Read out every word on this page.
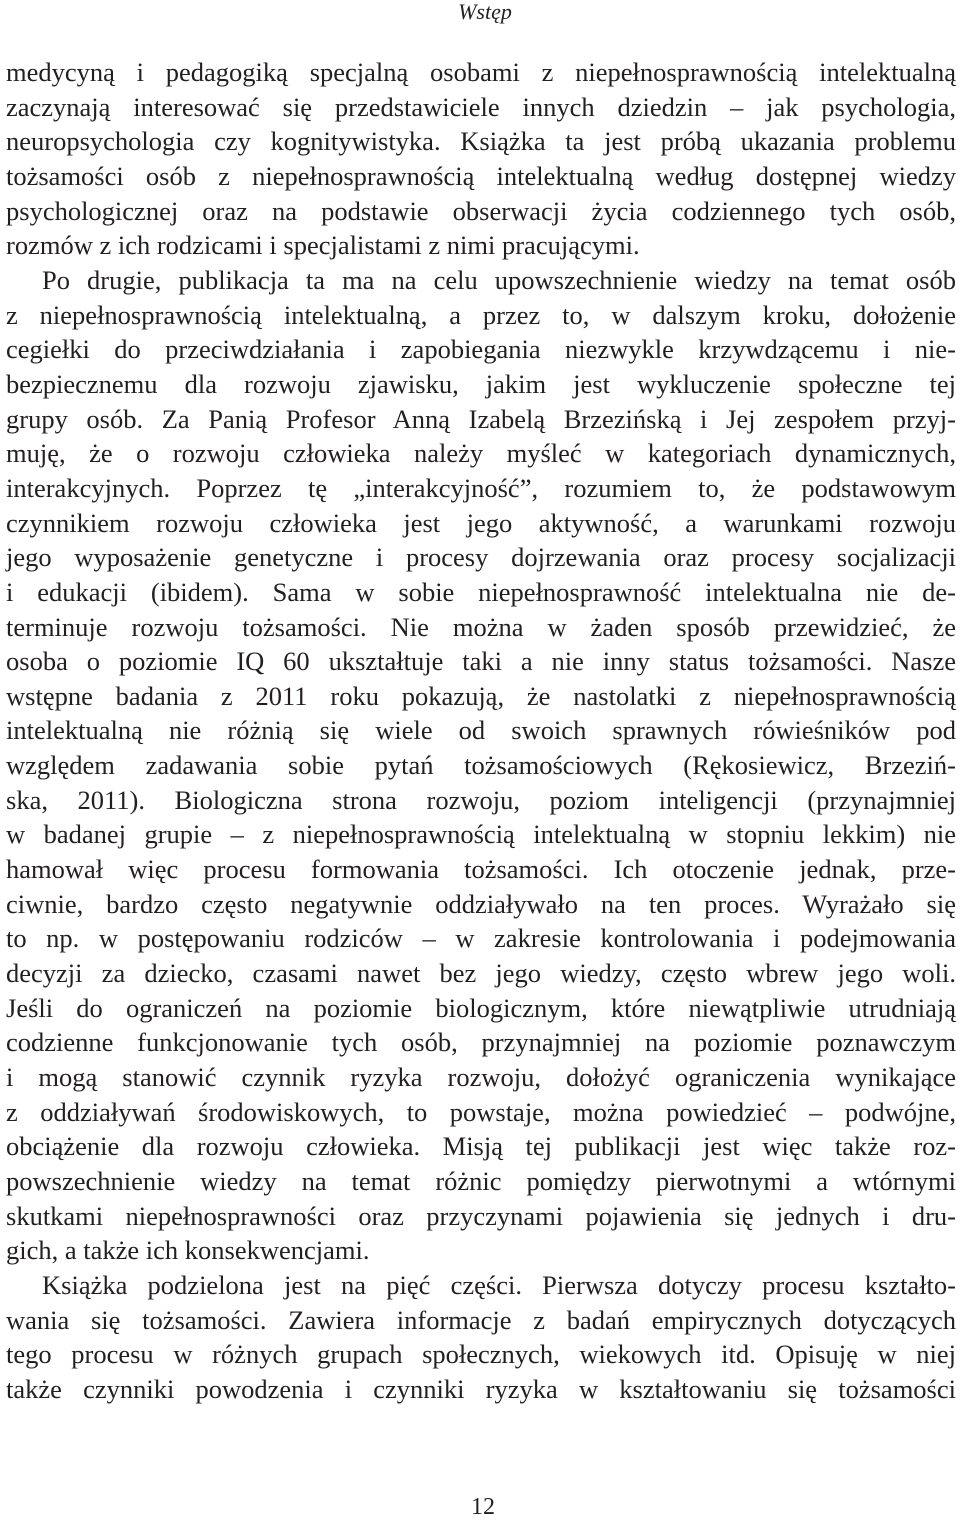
Wstęp

medycyną i pedagogiką specjalną osobami z niepełnosprawnością intelektualną
zaczynają interesować się przedstawiciele innych dziedzin – jak psychologia,
neuropsychologia czy kognitywistyka. Książka ta jest próbą ukazania problemu
tożsamości osób z niepełnosprawnością intelektualną według dostępnej wiedzy
psychologicznej oraz na podstawie obserwacji życia codziennego tych osób,
rozmów z ich rodzicami i specjalistami z nimi pracującymi.

Po drugie, publikacja ta ma na celu upowszechnienie wiedzy na temat osób
z niepełnosprawnością intelektualną, a przez to, w dalszym kroku, dołożenie
cegiełki do przeciwdziałania i zapobiegania niezwykle krzywdzącemu i nie-
bezpiecznemu dla rozwoju zjawisku, jakim jest wykluczenie społeczne tej
grupy osób. Za Panią Profesor Anną Izabelą Brzezińską i Jej zespołem przyj-
muję, że o rozwoju człowieka należy myśleć w kategoriach dynamicznych,
interakcyjnych. Poprzez tę „interakcyjność”, rozumiem to, że podstawowym
czynnikiem rozwoju człowieka jest jego aktywność, a warunkami rozwoju
jego wyposażenie genetyczne i procesy dojrzewania oraz procesy socjalizacji
i edukacji (ibidem). Sama w sobie niepełnosprawność intelektualna nie de-
terminuje rozwoju tożsamości. Nie można w żaden sposób przewidzieć, że
osoba o poziomie IQ 60 ukształtuje taki a nie inny status tożsamości. Nasze
wstępne badania z 2011 roku pokazują, że nastolatki z niepełnosprawnością
intelektualną nie różnią się wiele od swoich sprawnych rówieśników pod
względem zadawania sobie pytań tożsamościowych (Rękosiewicz, Brzeziń-
ska, 2011). Biologiczna strona rozwoju, poziom inteligencji (przynajmniej
w badanej grupie – z niepełnosprawnością intelektualną w stopniu lekkim) nie
hamował więc procesu formowania tożsamości. Ich otoczenie jednak, prze-
ciwnie, bardzo często negatywnie oddziaływało na ten proces. Wyrażało się
to np. w postępowaniu rodziców – w zakresie kontrolowania i podejmowania
decyzji za dziecko, czasami nawet bez jego wiedzy, często wbrew jego woli.
Jeśli do ograniczeń na poziomie biologicznym, które niewątpliwie utrudniają
codzienne funkcjonowanie tych osób, przynajmniej na poziomie poznawczym
i mogą stanowić czynnik ryzyka rozwoju, dołożyć ograniczenia wynikające
z oddziaływań środowiskowych, to powstaje, można powiedzieć – podwójne,
obciążenie dla rozwoju człowieka. Misją tej publikacji jest więc także roz-
powszechnienie wiedzy na temat różnic pomiędzy pierwotnymi a wtórnymi
skutkami niepełnosprawności oraz przyczynami pojawienia się jednych i dru-
gich, a także ich konsekwencjami.

Książka podzielona jest na pięć części. Pierwsza dotyczy procesu kształto-
wania się tożsamości. Zawiera informacje z badań empirycznych dotyczących
tego procesu w różnych grupach społecznych, wiekowych itd. Opisuję w niej
także czynniki powodzenia i czynniki ryzyka w kształtowaniu się tożsamości

12
